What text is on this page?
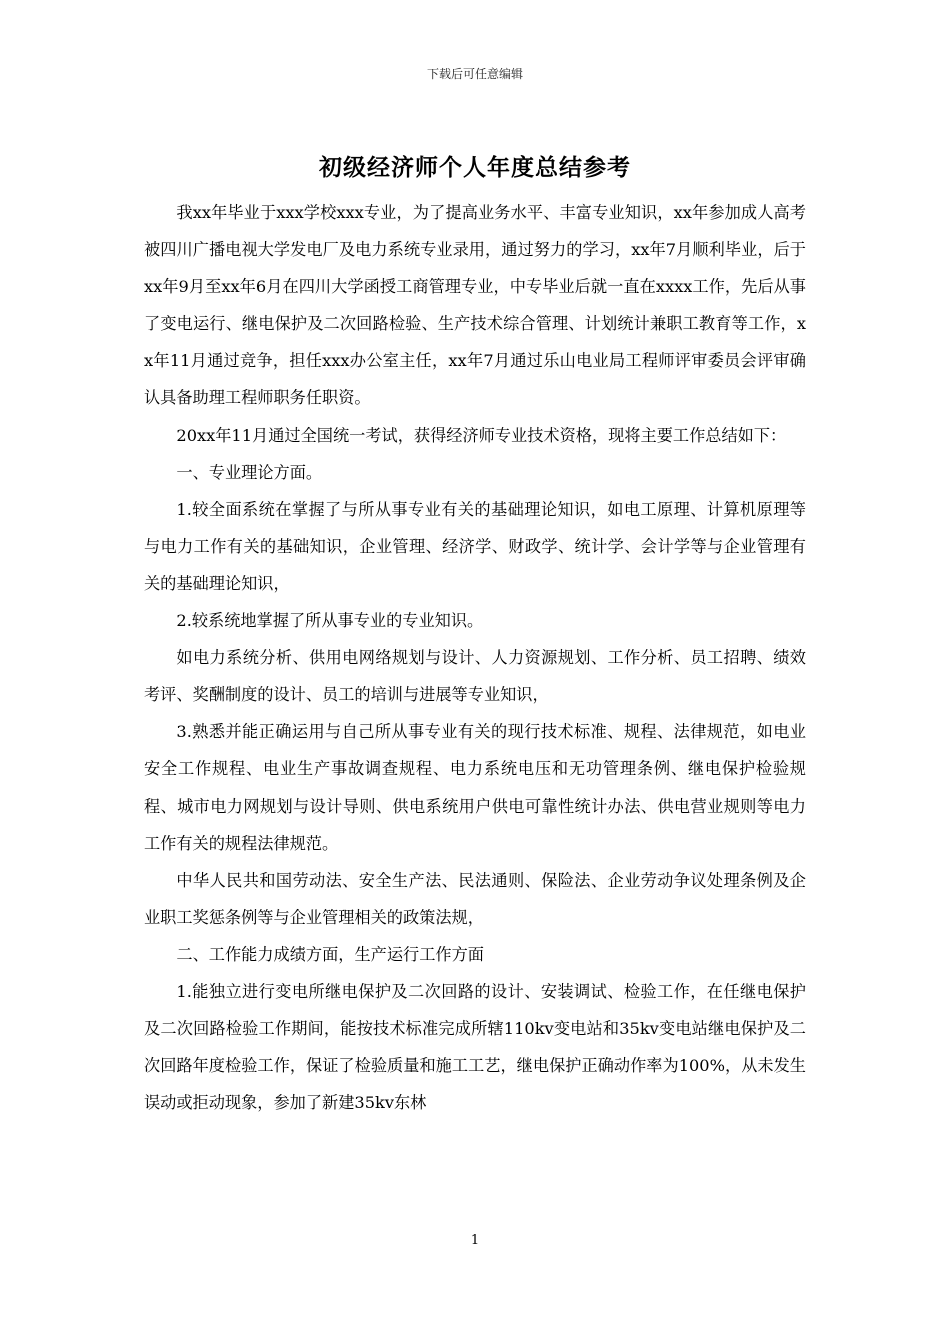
下载后可任意编辑
初级经济师个人年度总结参考

我xx年毕业于xxx学校xxx专业，为了提高业务水平、丰富专业知识，xx年参加成人高考被四川广播电视大学发电厂及电力系统专业录用，通过努力的学习，xx年7月顺利毕业，后于xx年9月至xx年6月在四川大学函授工商管理专业，中专毕业后就一直在xxxx工作，先后从事了变电运行、继电保护及二次回路检验、生产技术综合管理、计划统计兼职工教育等工作，xx年11月通过竞争，担任xxx办公室主任，xx年7月通过乐山电业局工程师评审委员会评审确认具备助理工程师职务任职资。

20xx年11月通过全国统一考试，获得经济师专业技术资格，现将主要工作总结如下：

一、专业理论方面。

1.较全面系统在掌握了与所从事专业有关的基础理论知识，如电工原理、计算机原理等与电力工作有关的基础知识，企业管理、经济学、财政学、统计学、会计学等与企业管理有关的基础理论知识，

2.较系统地掌握了所从事专业的专业知识。

如电力系统分析、供用电网络规划与设计、人力资源规划、工作分析、员工招聘、绩效考评、奖酬制度的设计、员工的培训与进展等专业知识，

3.熟悉并能正确运用与自己所从事专业有关的现行技术标准、规程、法律规范，如电业安全工作规程、电业生产事故调查规程、电力系统电压和无功管理条例、继电保护检验规程、城市电力网规划与设计导则、供电系统用户供电可靠性统计办法、供电营业规则等电力工作有关的规程法律规范。

中华人民共和国劳动法、安全生产法、民法通则、保险法、企业劳动争议处理条例及企业职工奖惩条例等与企业管理相关的政策法规，

二、工作能力成绩方面，生产运行工作方面

1.能独立进行变电所继电保护及二次回路的设计、安装调试、检验工作，在任继电保护及二次回路检验工作期间，能按技术标准完成所辖110kv变电站和35kv变电站继电保护及二次回路年度检验工作，保证了检验质量和施工工艺，继电保护正确动作率为100%，从未发生误动或拒动现象，参加了新建35kv东林

1
